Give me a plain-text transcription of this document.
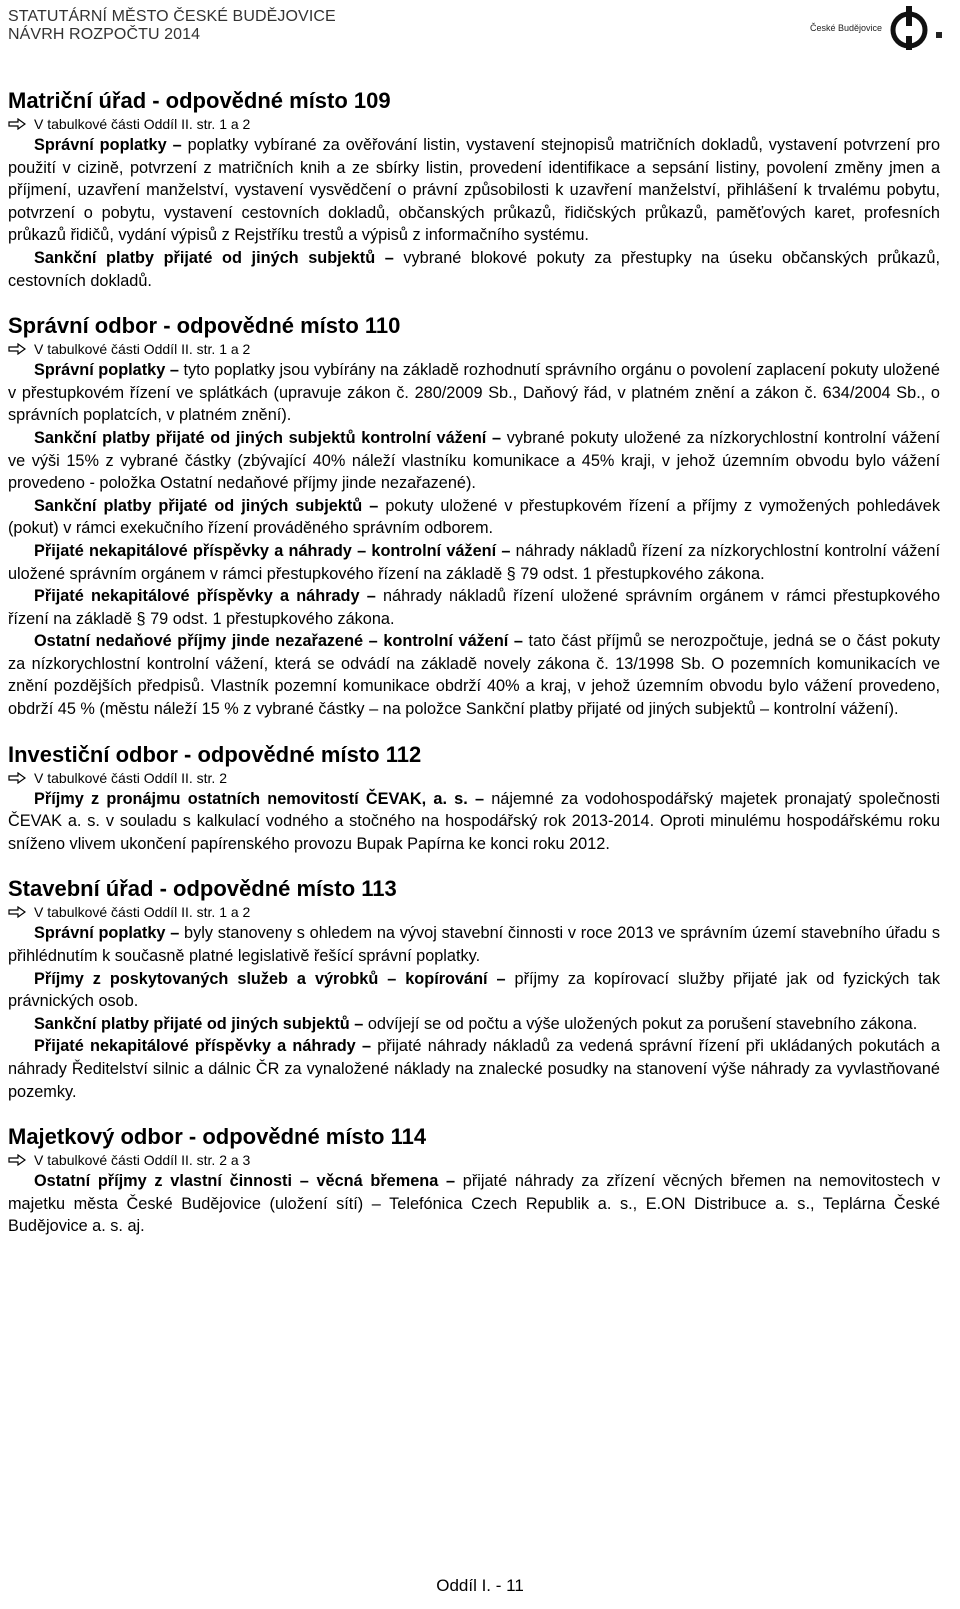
STATUTÁRNÍ MĚSTO ČESKÉ BUDĚJOVICE
NÁVRH ROZPOČTU 2014	České Budějovice
Matriční úřad - odpovědné místo 109
V tabulkové části Oddíl II. str. 1 a 2

Správní poplatky – poplatky vybírané za ověřování listin, vystavení stejnopisů matričních dokladů, vystavení potvrzení pro použití v cizině, potvrzení z matričních knih a ze sbírky listin, provedení identifikace a sepsání listiny, povolení změny jmen a příjmení, uzavření manželství, vystavení vysvědčení o právní způsobilosti k uzavření manželství, přihlášení k trvalému pobytu, potvrzení o pobytu, vystavení cestovních dokladů, občanských průkazů, řidičských průkazů, paměťových karet, profesních průkazů řidičů, vydání výpisů z Rejstříku trestů a výpisů z informačního systému.

Sankční platby přijaté od jiných subjektů – vybrané blokové pokuty za přestupky na úseku občanských průkazů, cestovních dokladů.

Správní odbor - odpovědné místo 110
V tabulkové části Oddíl II. str. 1 a 2

Správní poplatky – tyto poplatky jsou vybírány na základě rozhodnutí správního orgánu o povolení zaplacení pokuty uložené v přestupkovém řízení ve splátkách (upravuje zákon č. 280/2009 Sb., Daňový řád, v platném znění a zákon č. 634/2004 Sb., o správních poplatcích, v platném znění).

Sankční platby přijaté od jiných subjektů kontrolní vážení – vybrané pokuty uložené za nízkorychlostní kontrolní vážení ve výši 15% z vybrané částky (zbývající 40% náleží vlastníku komunikace a 45% kraji, v jehož územním obvodu bylo vážení provedeno - položka Ostatní nedaňové příjmy jinde nezařazené).

Sankční platby přijaté od jiných subjektů – pokuty uložené v přestupkovém řízení a příjmy z vymožených pohledávek (pokut) v rámci exekučního řízení prováděného správním odborem.

Přijaté nekapitálové příspěvky a náhrady – kontrolní vážení – náhrady nákladů řízení za nízkorychlostní kontrolní vážení uložené správním orgánem v rámci přestupkového řízení na základě § 79 odst. 1 přestupkového zákona.

Přijaté nekapitálové příspěvky a náhrady – náhrady nákladů řízení uložené správním orgánem v rámci přestupkového řízení na základě § 79 odst. 1 přestupkového zákona.

Ostatní nedaňové příjmy jinde nezařazené – kontrolní vážení – tato část příjmů se nerozpočtuje, jedná se o část pokuty za nízkorychlostní kontrolní vážení, která se odvádí na základě novely zákona č. 13/1998 Sb. O pozemních komunikacích ve znění pozdějších předpisů. Vlastník pozemní komunikace obdrží 40% a kraj, v jehož územním obvodu bylo vážení provedeno, obdrží 45 % (městu náleží 15 % z vybrané částky – na položce Sankční platby přijaté od jiných subjektů – kontrolní vážení).

Investiční odbor - odpovědné místo 112
V tabulkové části Oddíl II. str. 2

Příjmy z pronájmu ostatních nemovitostí ČEVAK, a. s. – nájemné za vodohospodářský majetek pronajatý společnosti ČEVAK a. s. v souladu s kalkulací vodného a stočného na hospodářský rok 2013-2014. Oproti minulému hospodářskému roku sníženo vlivem ukončení papírenského provozu Bupak Papírna ke konci roku 2012.

Stavební úřad - odpovědné místo 113
V tabulkové části Oddíl II. str. 1 a 2

Správní poplatky – byly stanoveny s ohledem na vývoj stavební činnosti v roce 2013 ve správním území stavebního úřadu s přihlédnutím k současně platné legislativě řešící správní poplatky.

Příjmy z poskytovaných služeb a výrobků – kopírování – příjmy za kopírovací služby přijaté jak od fyzických tak právnických osob.

Sankční platby přijaté od jiných subjektů – odvíjejí se od počtu a výše uložených pokut za porušení stavebního zákona.

Přijaté nekapitálové příspěvky a náhrady – přijaté náhrady nákladů za vedená správní řízení při ukládaných pokutách a náhrady Ředitelství silnic a dálnic ČR za vynaložené náklady na znalecké posudky na stanovení výše náhrady za vyvlastňované pozemky.

Majetkový odbor - odpovědné místo 114
V tabulkové části Oddíl II. str. 2 a 3

Ostatní příjmy z vlastní činnosti – věcná břemena – přijaté náhrady za zřízení věcných břemen na nemovitostech v majetku města České Budějovice (uložení sítí) – Telefónica Czech Republik a. s., E.ON Distribuce a. s., Teplárna České Budějovice a. s. aj.

Oddíl I. - 11
